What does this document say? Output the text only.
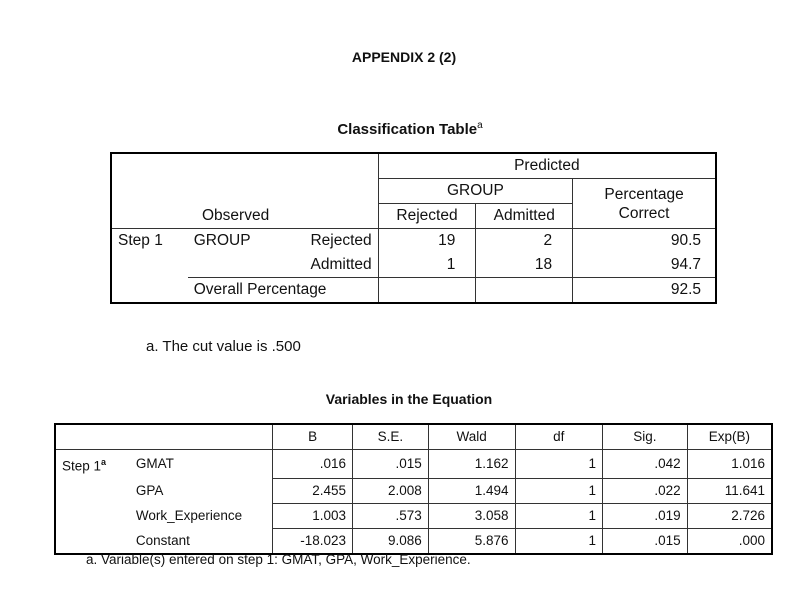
APPENDIX 2 (2)
Classification Table$^a$
Observed			Predicted		
			GROUP		Percentage
Correct
			Rejected	Admitted	
Step 1	GROUP	Rejected	19	2	90.5
		Admitted	1	18	94.7
	Overall Percentage				92.5
a. The cut value is .500
Variables in the Equation
		B	S.E.	Wald	df	Sig.	Exp(B)
Step 1$^a$	GMAT	.016	.015	1.162	1	.042	1.016
	GPA	2.455	2.008	1.494	1	.022	11.641
	Work_Experience	1.003	.573	3.058	1	.019	2.726
	Constant	-18.023	9.086	5.876	1	.015	.000
a. Variable(s) entered on step 1: GMAT, GPA, Work_Experience.
